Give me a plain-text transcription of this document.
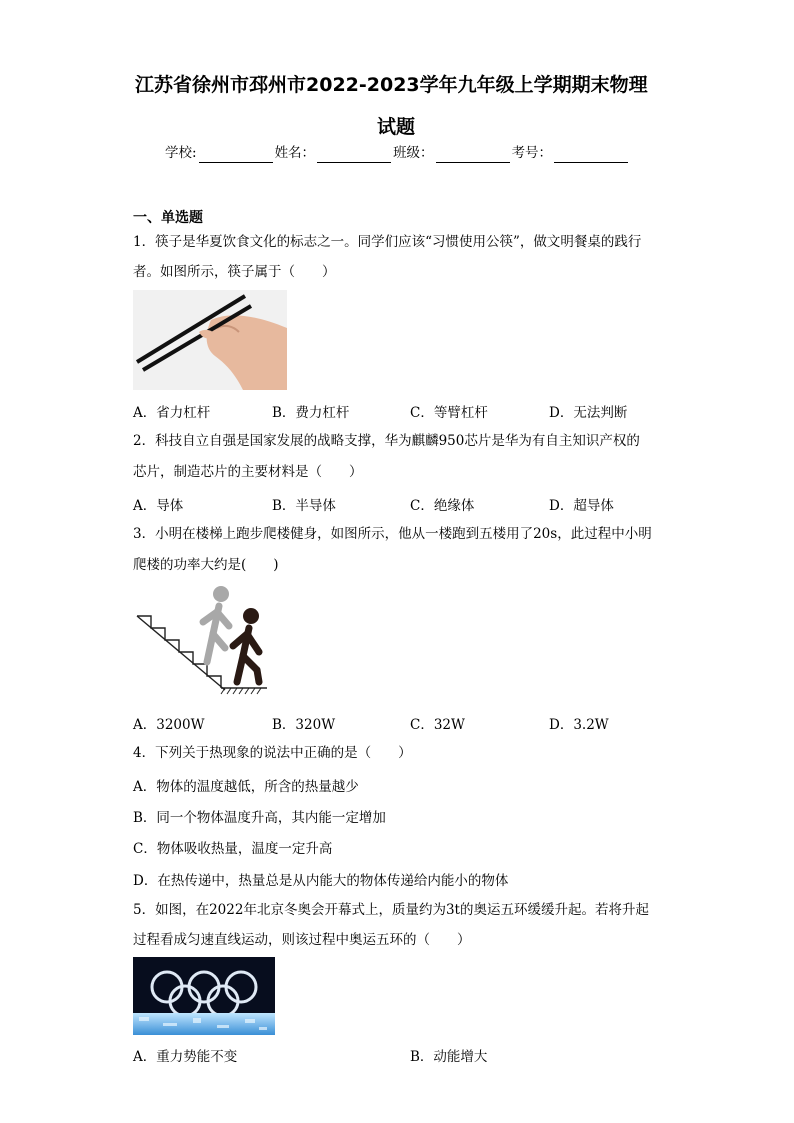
江苏省徐州市邳州市2022-2023学年九年级上学期期末物理
试题
学校:	姓名：	班级：	考号：
一、单选题
1．筷子是华夏饮食文化的标志之一。同学们应该“习惯使用公筷”，做文明餐桌的践行
者。如图所示，筷子属于（　　）
A．省力杠杆	B．费力杠杆	C．等臂杠杆	D．无法判断
2．科技自立自强是国家发展的战略支撑，华为麒麟950芯片是华为有自主知识产权的
芯片，制造芯片的主要材料是（　　）
A．导体	B．半导体	C．绝缘体	D．超导体
3．小明在楼梯上跑步爬楼健身，如图所示，他从一楼跑到五楼用了20s，此过程中小明
爬楼的功率大约是(　　)
A．3200W	B．320W	C．32W	D．3.2W
4．下列关于热现象的说法中正确的是（　　）
A．物体的温度越低，所含的热量越少
B．同一个物体温度升高，其内能一定增加
C．物体吸收热量，温度一定升高
D．在热传递中，热量总是从内能大的物体传递给内能小的物体
5．如图，在2022年北京冬奥会开幕式上，质量约为3t的奥运五环缓缓升起。若将升起
过程看成匀速直线运动，则该过程中奥运五环的（　　）
A．重力势能不变	B．动能增大
